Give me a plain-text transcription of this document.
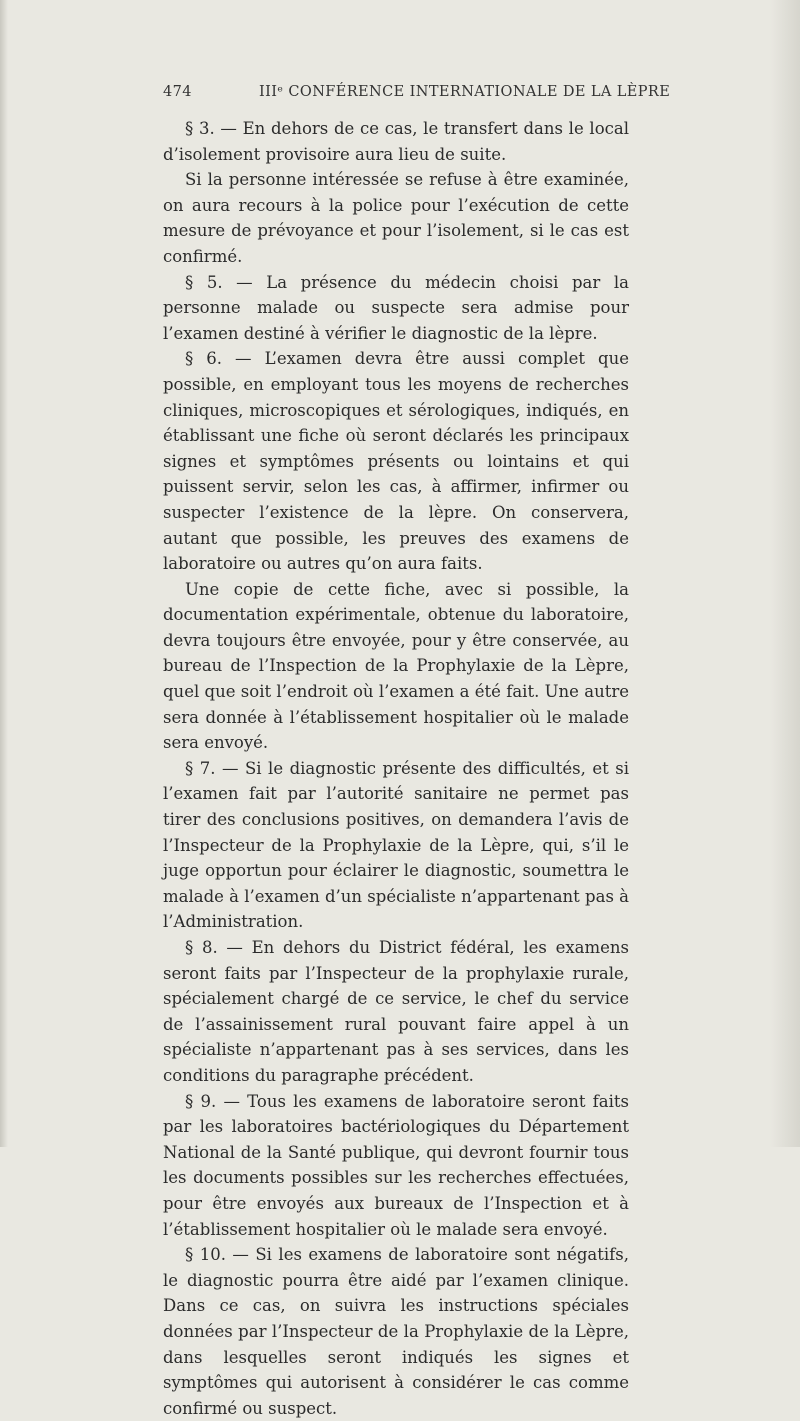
474	IIIᵉ CONFÉRENCE INTERNATIONALE DE LA LÈPRE

§ 3. — En dehors de ce cas, le transfert dans le local d’isolement provisoire aura lieu de suite.

Si la personne intéressée se refuse à être examinée, on aura recours à la police pour l’exécution de cette mesure de prévoyance et pour l’isolement, si le cas est confirmé.

§ 5. — La présence du médecin choisi par la personne malade ou suspecte sera admise pour l’examen destiné à vérifier le diagnostic de la lèpre.

§ 6. — L’examen devra être aussi complet que possible, en employant tous les moyens de recherches cliniques, microscopiques et sérologiques, indiqués, en établissant une fiche où seront déclarés les principaux signes et symptômes présents ou lointains et qui puissent servir, selon les cas, à affirmer, infirmer ou suspecter l’existence de la lèpre. On conservera, autant que possible, les preuves des examens de laboratoire ou autres qu’on aura faits.

Une copie de cette fiche, avec si possible, la documentation expérimentale, obtenue du laboratoire, devra toujours être envoyée, pour y être conservée, au bureau de l’Inspection de la Prophylaxie de la Lèpre, quel que soit l’endroit où l’examen a été fait. Une autre sera donnée à l’établissement hospitalier où le malade sera envoyé.

§ 7. — Si le diagnostic présente des difficultés, et si l’examen fait par l’autorité sanitaire ne permet pas tirer des conclusions positives, on demandera l’avis de l’Inspecteur de la Prophylaxie de la Lèpre, qui, s’il le juge opportun pour éclairer le diagnostic, soumettra le malade à l’examen d’un spécialiste n’appartenant pas à l’Administration.

§ 8. — En dehors du District fédéral, les examens seront faits par l’Inspecteur de la prophylaxie rurale, spécialement chargé de ce service, le chef du service de l’assainissement rural pouvant faire appel à un spécialiste n’appartenant pas à ses services, dans les conditions du paragraphe précédent.

§ 9. — Tous les examens de laboratoire seront faits par les laboratoires bactériologiques du Département National de la Santé publique, qui devront fournir tous les documents possibles sur les recherches effectuées, pour être envoyés aux bureaux de l’Inspection et à l’établissement hospitalier où le malade sera envoyé.

§ 10. — Si les examens de laboratoire sont négatifs, le diagnostic pourra être aidé par l’examen clinique. Dans ce cas, on suivra les instructions spéciales données par l’Inspecteur de la Prophylaxie de la Lèpre, dans lesquelles seront indiqués les signes et symptômes qui autorisent à considérer le cas comme confirmé ou suspect.
